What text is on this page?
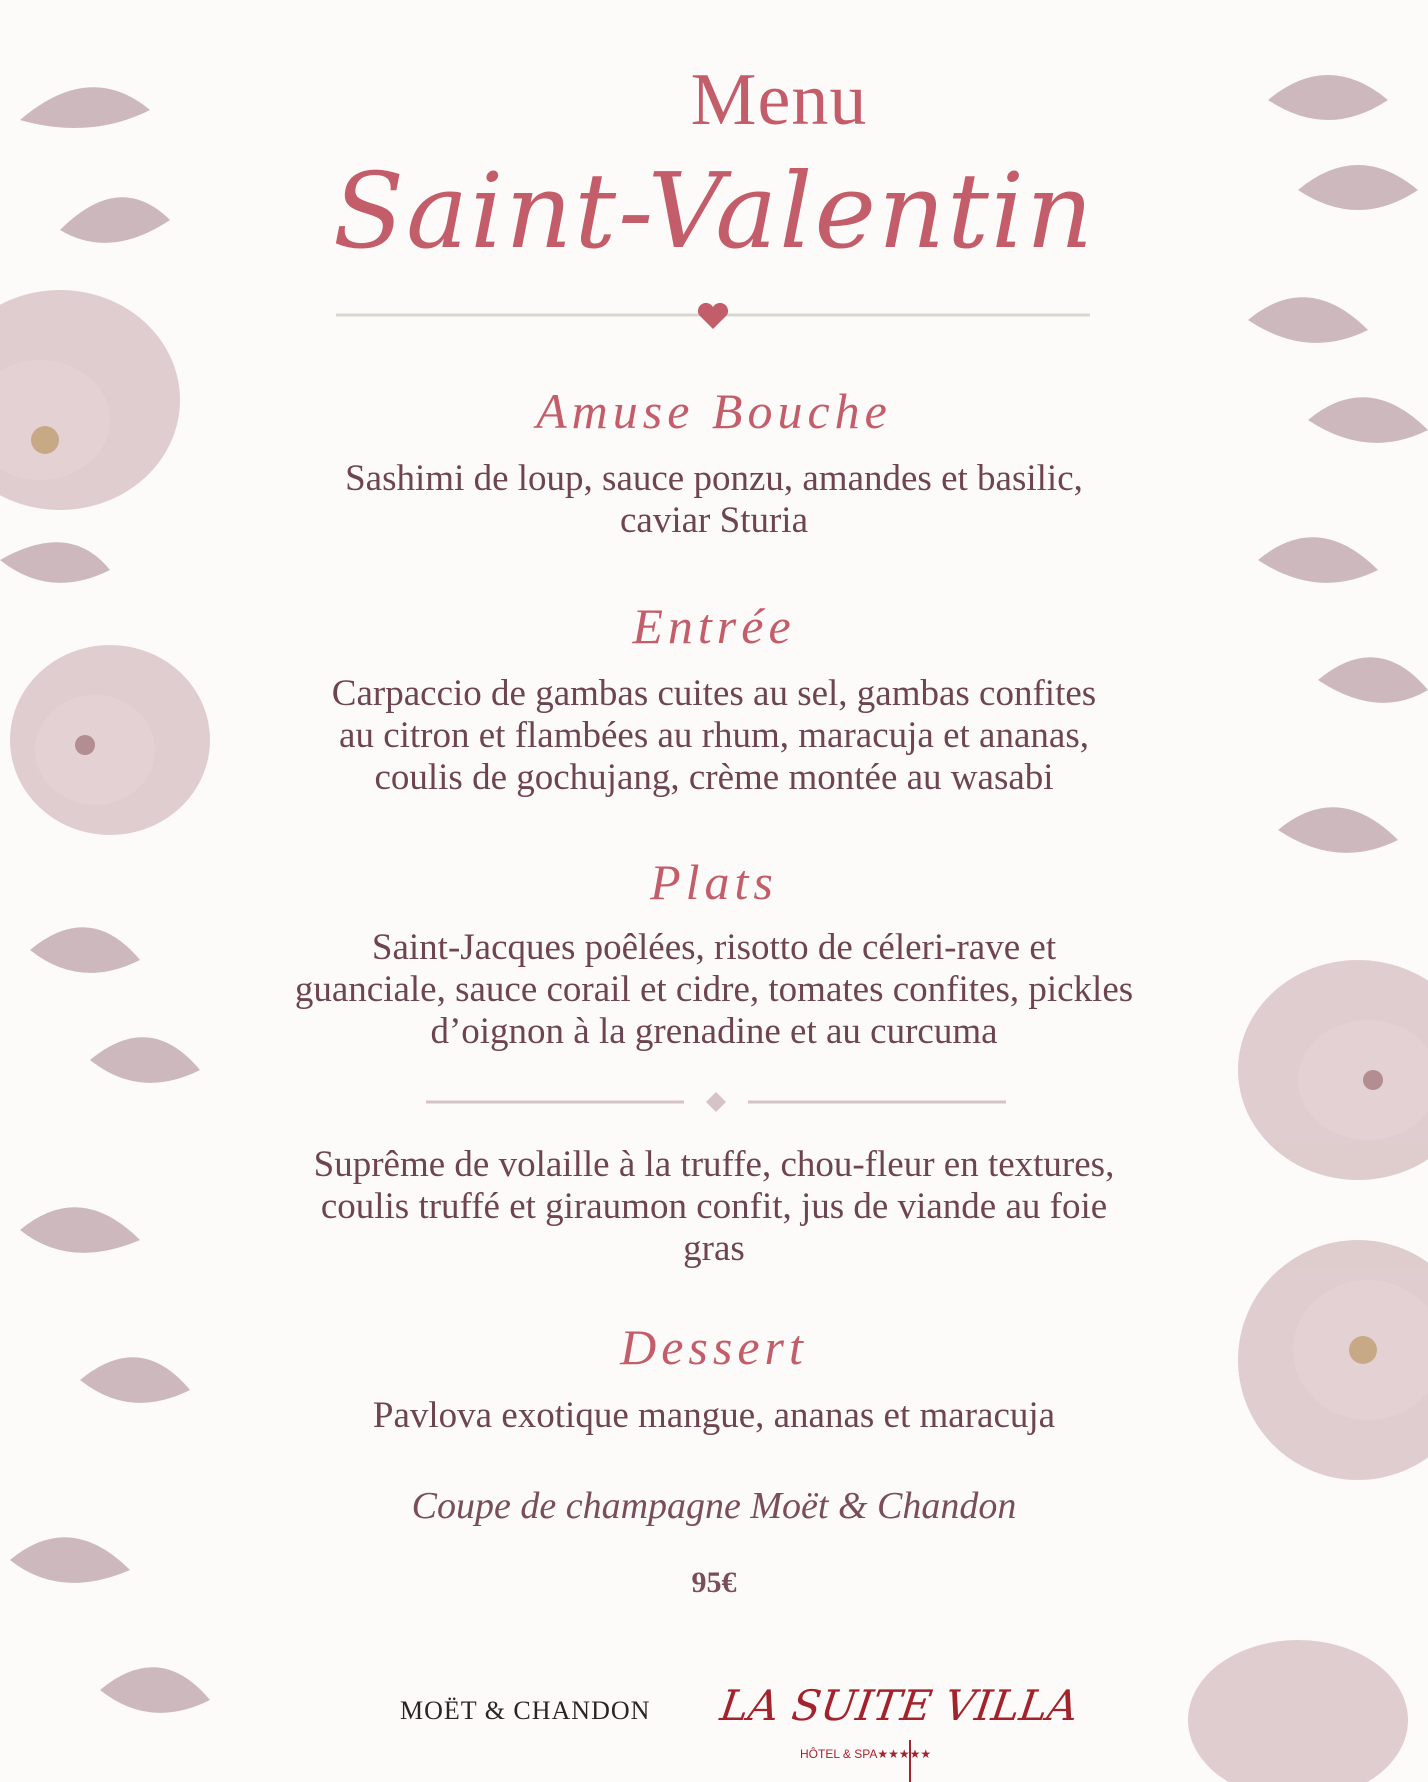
Menu
Saint-Valentin
Amuse Bouche
Sashimi de loup, sauce ponzu, amandes et basilic,
caviar Sturia
Entrée
Carpaccio de gambas cuites au sel, gambas confites
au citron et flambées au rhum, maracuja et ananas,
coulis de gochujang, crème montée au wasabi
Plats
Saint-Jacques poêlées, risotto de céleri-rave et
guanciale, sauce corail et cidre, tomates confites, pickles
d’oignon à la grenadine et au curcuma
Suprême de volaille à la truffe, chou-fleur en textures,
coulis truffé et giraumon confit, jus de viande au foie
gras
Dessert
Pavlova exotique mangue, ananas et maracuja
Coupe de champagne Moët & Chandon
95€
MOËT & CHANDON LA SUITE VILLA
HÔTEL & SPA★★★★★
